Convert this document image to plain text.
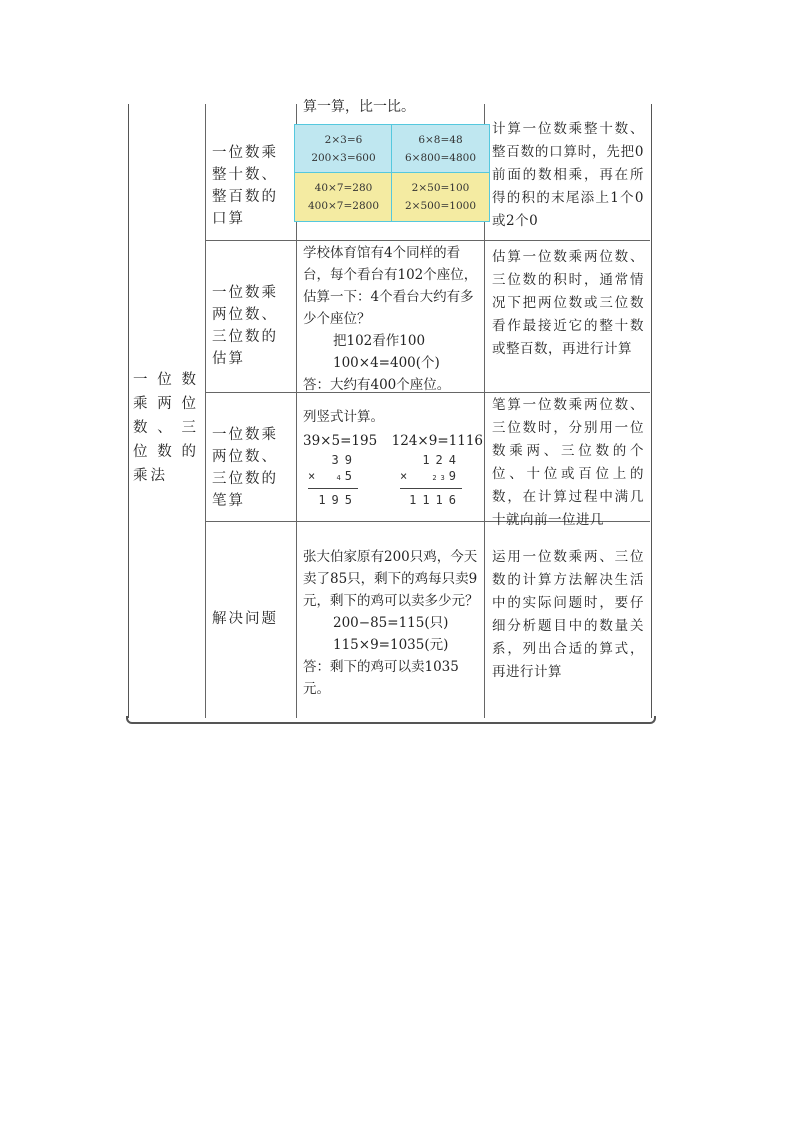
一位数乘两位数、三位数的乘法
一位数乘整十数、整百数的口算
算一算，比一比。
2×3=6
200×3=600
6×8=48
6×800=4800
40×7=280
400×7=2800
2×50=100
2×500=1000
计算一位数乘整十数、整百数的口算时，先把0前面的数相乘，再在所得的积的末尾添上1个0或2个0
一位数乘两位数、三位数的估算
学校体育馆有4个同样的看台，每个看台有102个座位，估算一下：4个看台大约有多少个座位？
把102看作100
100×4=400(个)
答：大约有400个座位。
估算一位数乘两位数、三位数的积时，通常情况下把两位数或三位数看作最接近它的整十数或整百数，再进行计算
一位数乘两位数、三位数的笔算
列竖式计算。
39×5=195 124×9=1116
39
×	45
195
124
×	239
1116
笔算一位数乘两位数、三位数时，分别用一位数乘两、三位数的个位、十位或百位上的数，在计算过程中满几十就向前一位进几
解决问题
张大伯家原有200只鸡，今天卖了85只，剩下的鸡每只卖9元，剩下的鸡可以卖多少元？
200−85=115(只)
115×9=1035(元)
答：剩下的鸡可以卖1035元。
运用一位数乘两、三位数的计算方法解决生活中的实际问题时，要仔细分析题目中的数量关系，列出合适的算式，再进行计算
